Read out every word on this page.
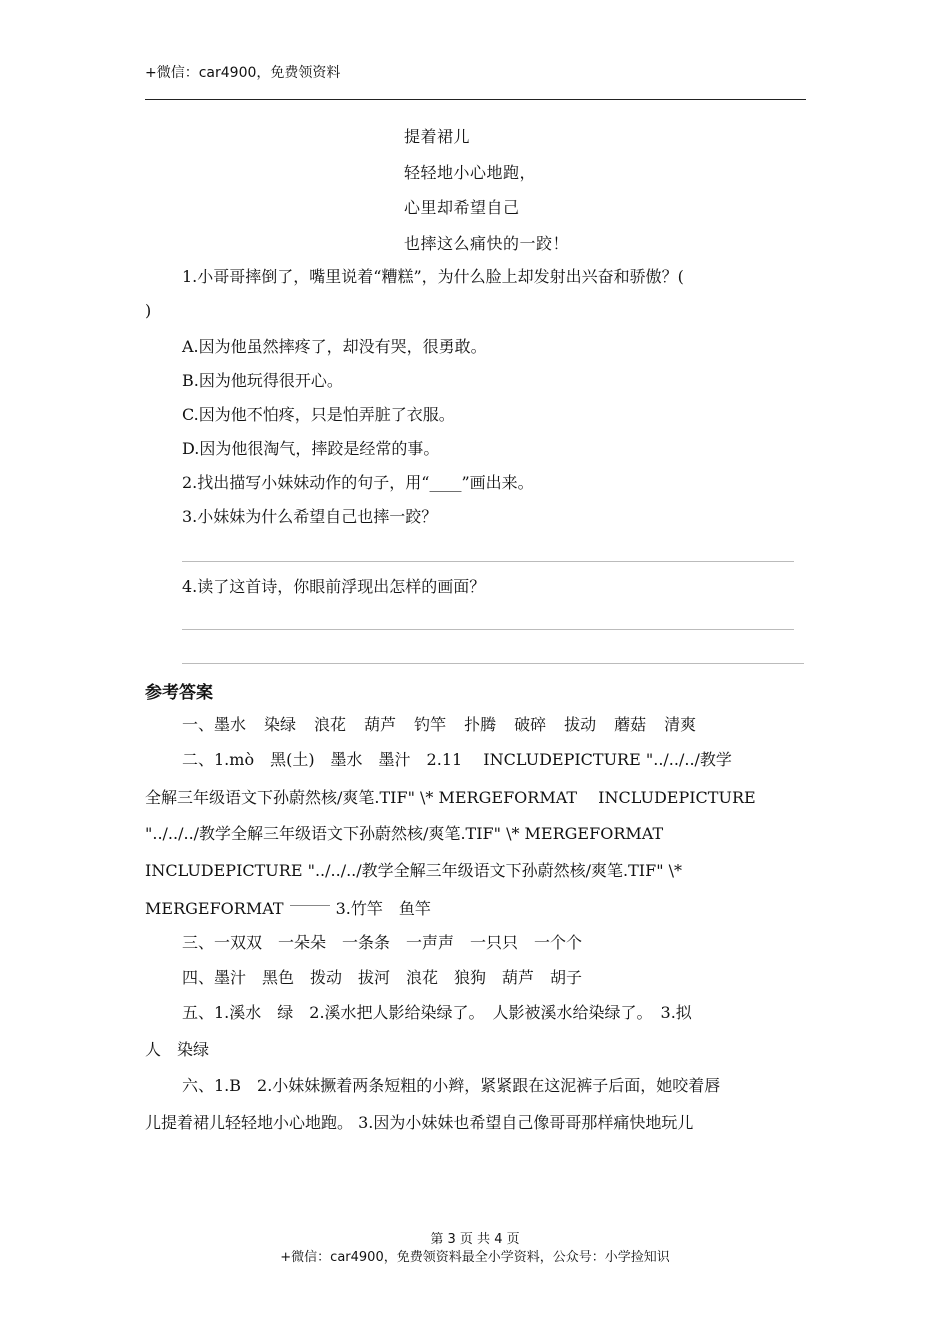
+微信：car4900，免费领资料
提着裙儿
轻轻地小心地跑，
心里却希望自己
也摔这么痛快的一跤！
1.小哥哥摔倒了，嘴里说着“糟糕”，为什么脸上却发射出兴奋和骄傲？(
)
A.因为他虽然摔疼了，却没有哭，很勇敢。
B.因为他玩得很开心。
C.因为他不怕疼，只是怕弄脏了衣服。
D.因为他很淘气，摔跤是经常的事。
2.找出描写小妹妹动作的句子，用“____”画出来。
3.小妹妹为什么希望自己也摔一跤？
4.读了这首诗，你眼前浮现出怎样的画面？
参考答案
一、墨水 染绿 浪花 葫芦 钓竿 扑腾 破碎 拔动 蘑菇 清爽
二、1.mò　黑(土)　墨水　墨汁　2.11　 INCLUDEPICTURE "../../../教学
全解三年级语文下孙蔚然核/爽笔.TIF" \* MERGEFORMAT　 INCLUDEPICTURE
"../../../教学全解三年级语文下孙蔚然核/爽笔.TIF" \* MERGEFORMAT
INCLUDEPICTURE "../../../教学全解三年级语文下孙蔚然核/爽笔.TIF" \*
MERGEFORMAT	3.竹竿　鱼竿
三、一双双　一朵朵　一条条　一声声　一只只　一个个
四、墨汁　黑色　拨动　拔河　浪花　狼狗　葫芦　胡子
五、1.溪水　绿　2.溪水把人影给染绿了。　人影被溪水给染绿了。　3.拟
人　染绿
六、1.B　2.小妹妹撅着两条短粗的小辫，紧紧跟在这泥裤子后面，她咬着唇
儿提着裙儿轻轻地小心地跑。 3.因为小妹妹也希望自己像哥哥那样痛快地玩儿
第 3 页 共 4 页
+微信：car4900，免费领资料最全小学资料，公众号：小学捡知识
